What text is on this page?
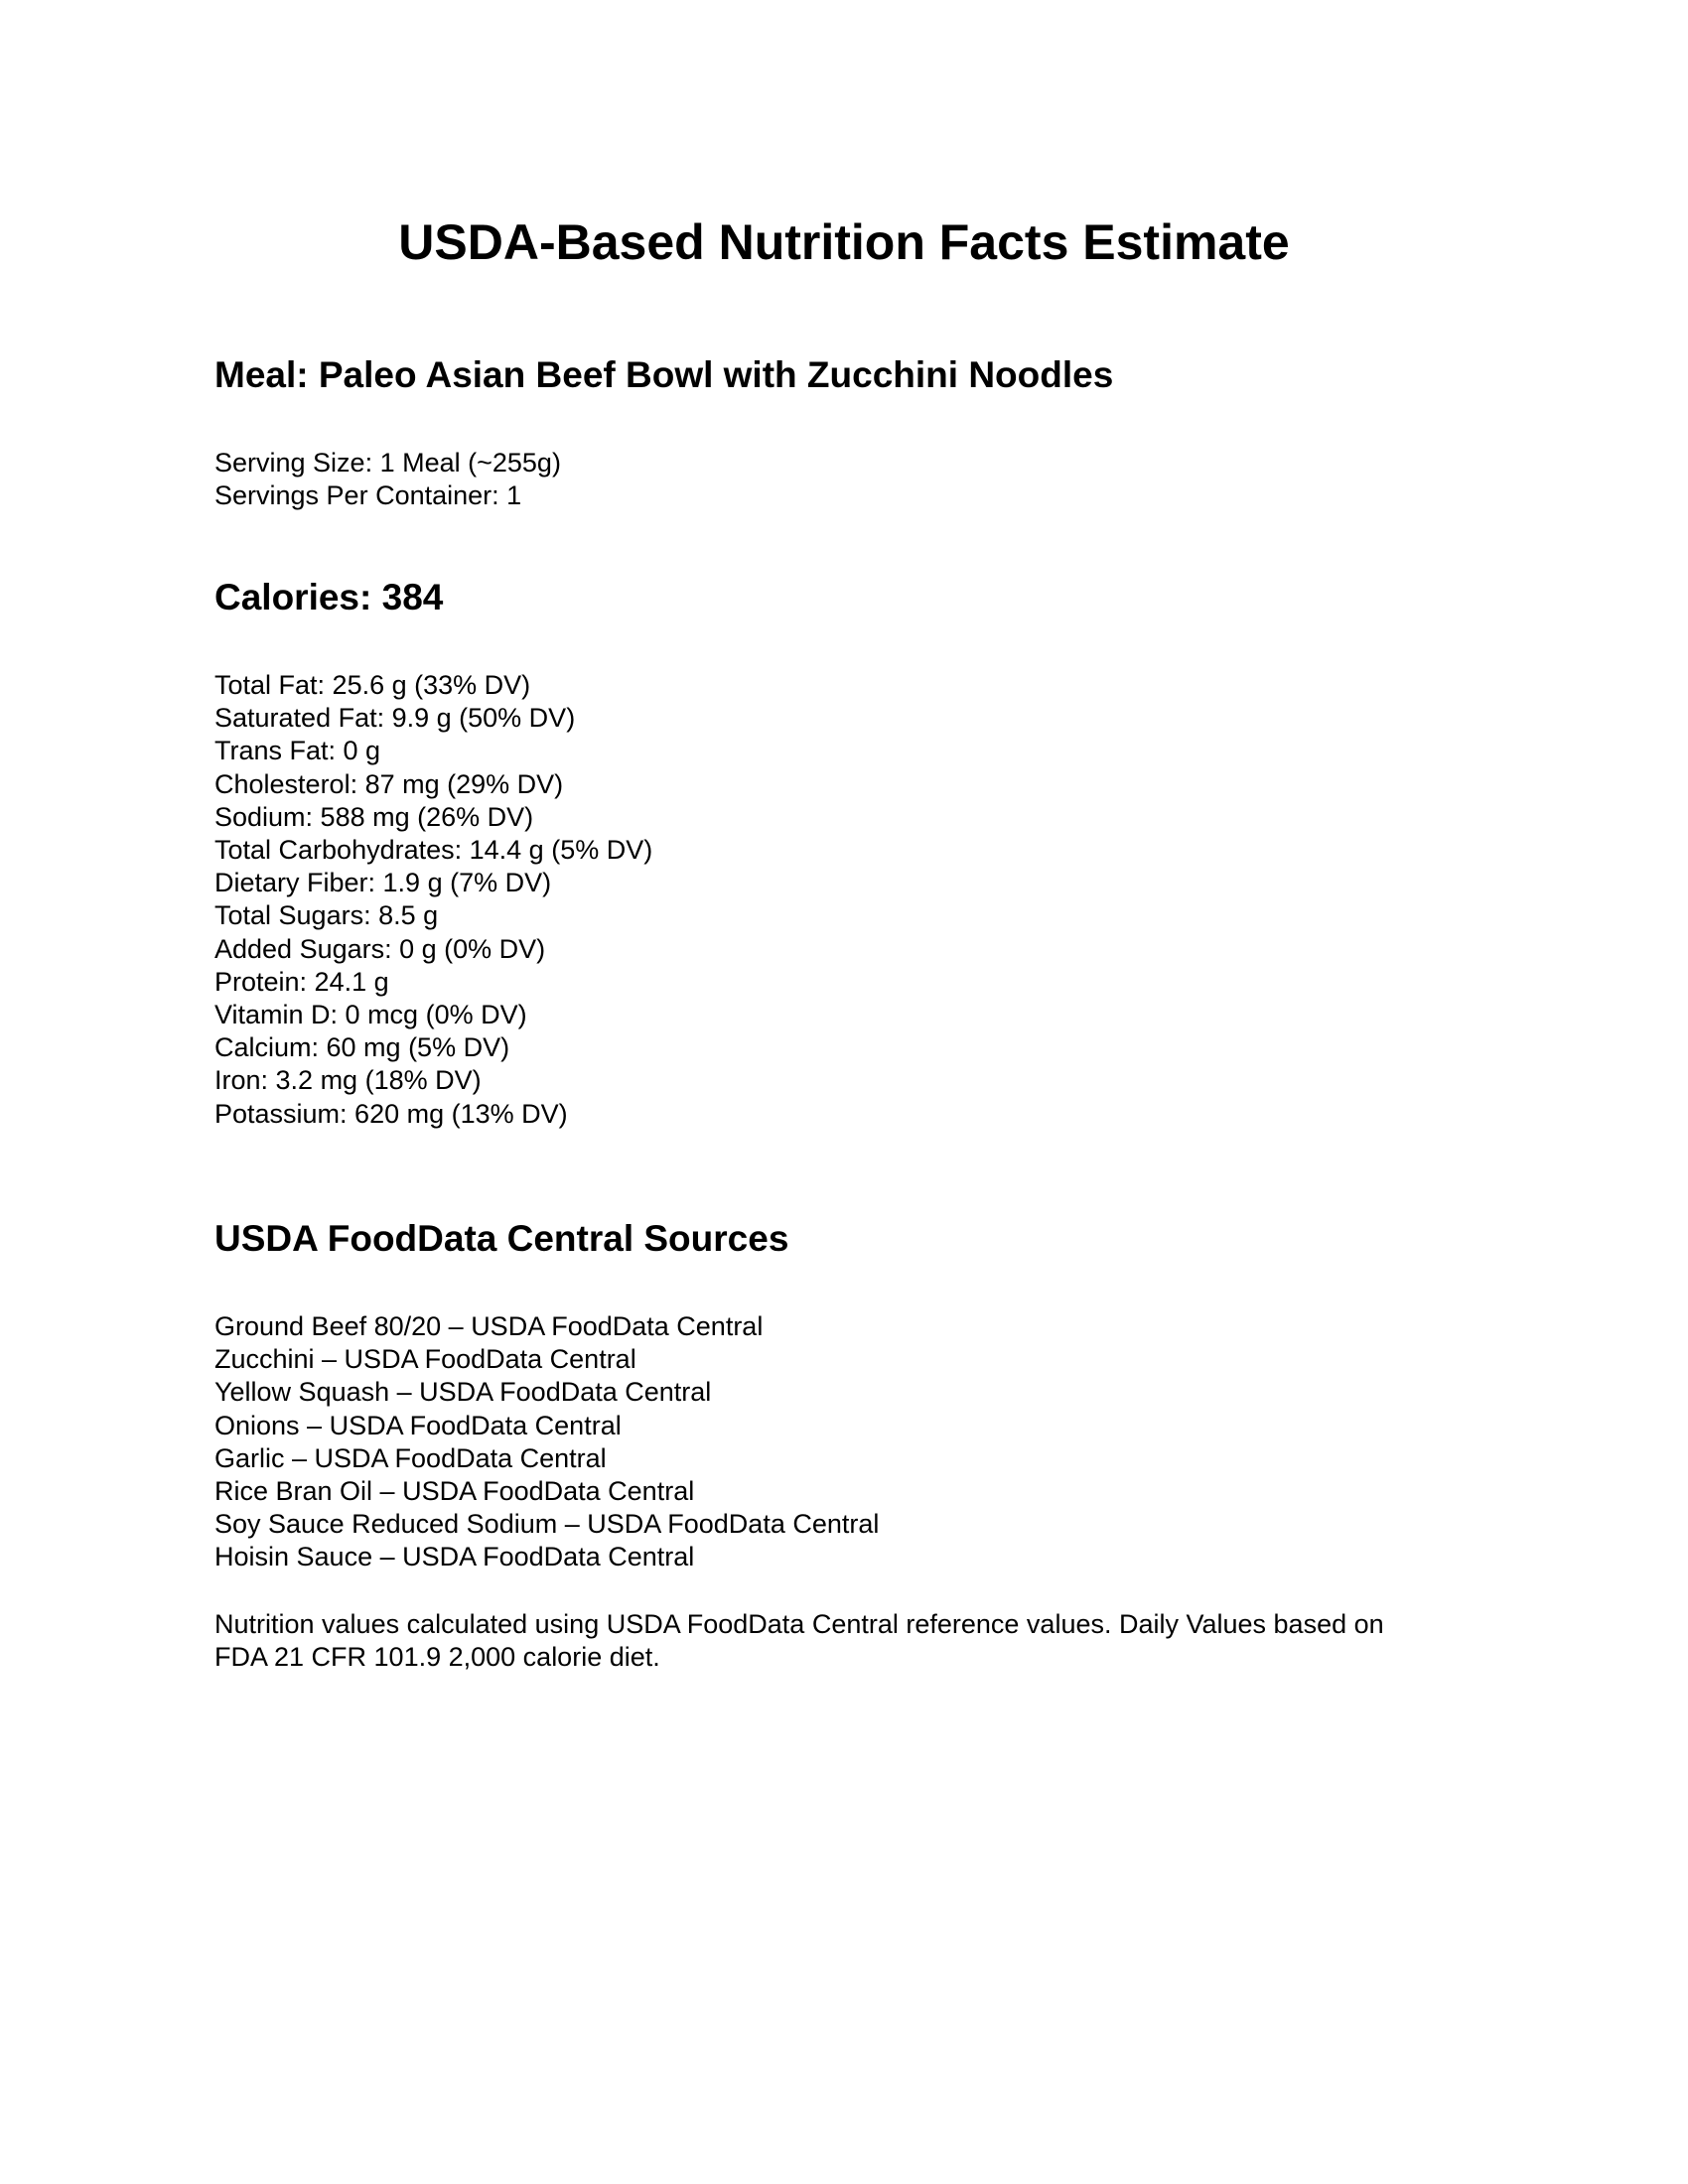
USDA-Based Nutrition Facts Estimate
Meal: Paleo Asian Beef Bowl with Zucchini Noodles
Serving Size: 1 Meal (~255g)
Servings Per Container: 1
Calories: 384
Total Fat: 25.6 g (33% DV)
Saturated Fat: 9.9 g (50% DV)
Trans Fat: 0 g
Cholesterol: 87 mg (29% DV)
Sodium: 588 mg (26% DV)
Total Carbohydrates: 14.4 g (5% DV)
Dietary Fiber: 1.9 g (7% DV)
Total Sugars: 8.5 g
Added Sugars: 0 g (0% DV)
Protein: 24.1 g
Vitamin D: 0 mcg (0% DV)
Calcium: 60 mg (5% DV)
Iron: 3.2 mg (18% DV)
Potassium: 620 mg (13% DV)
USDA FoodData Central Sources
Ground Beef 80/20 – USDA FoodData Central
Zucchini – USDA FoodData Central
Yellow Squash – USDA FoodData Central
Onions – USDA FoodData Central
Garlic – USDA FoodData Central
Rice Bran Oil – USDA FoodData Central
Soy Sauce Reduced Sodium – USDA FoodData Central
Hoisin Sauce – USDA FoodData Central

Nutrition values calculated using USDA FoodData Central reference values. Daily Values based on
FDA 21 CFR 101.9 2,000 calorie diet.
